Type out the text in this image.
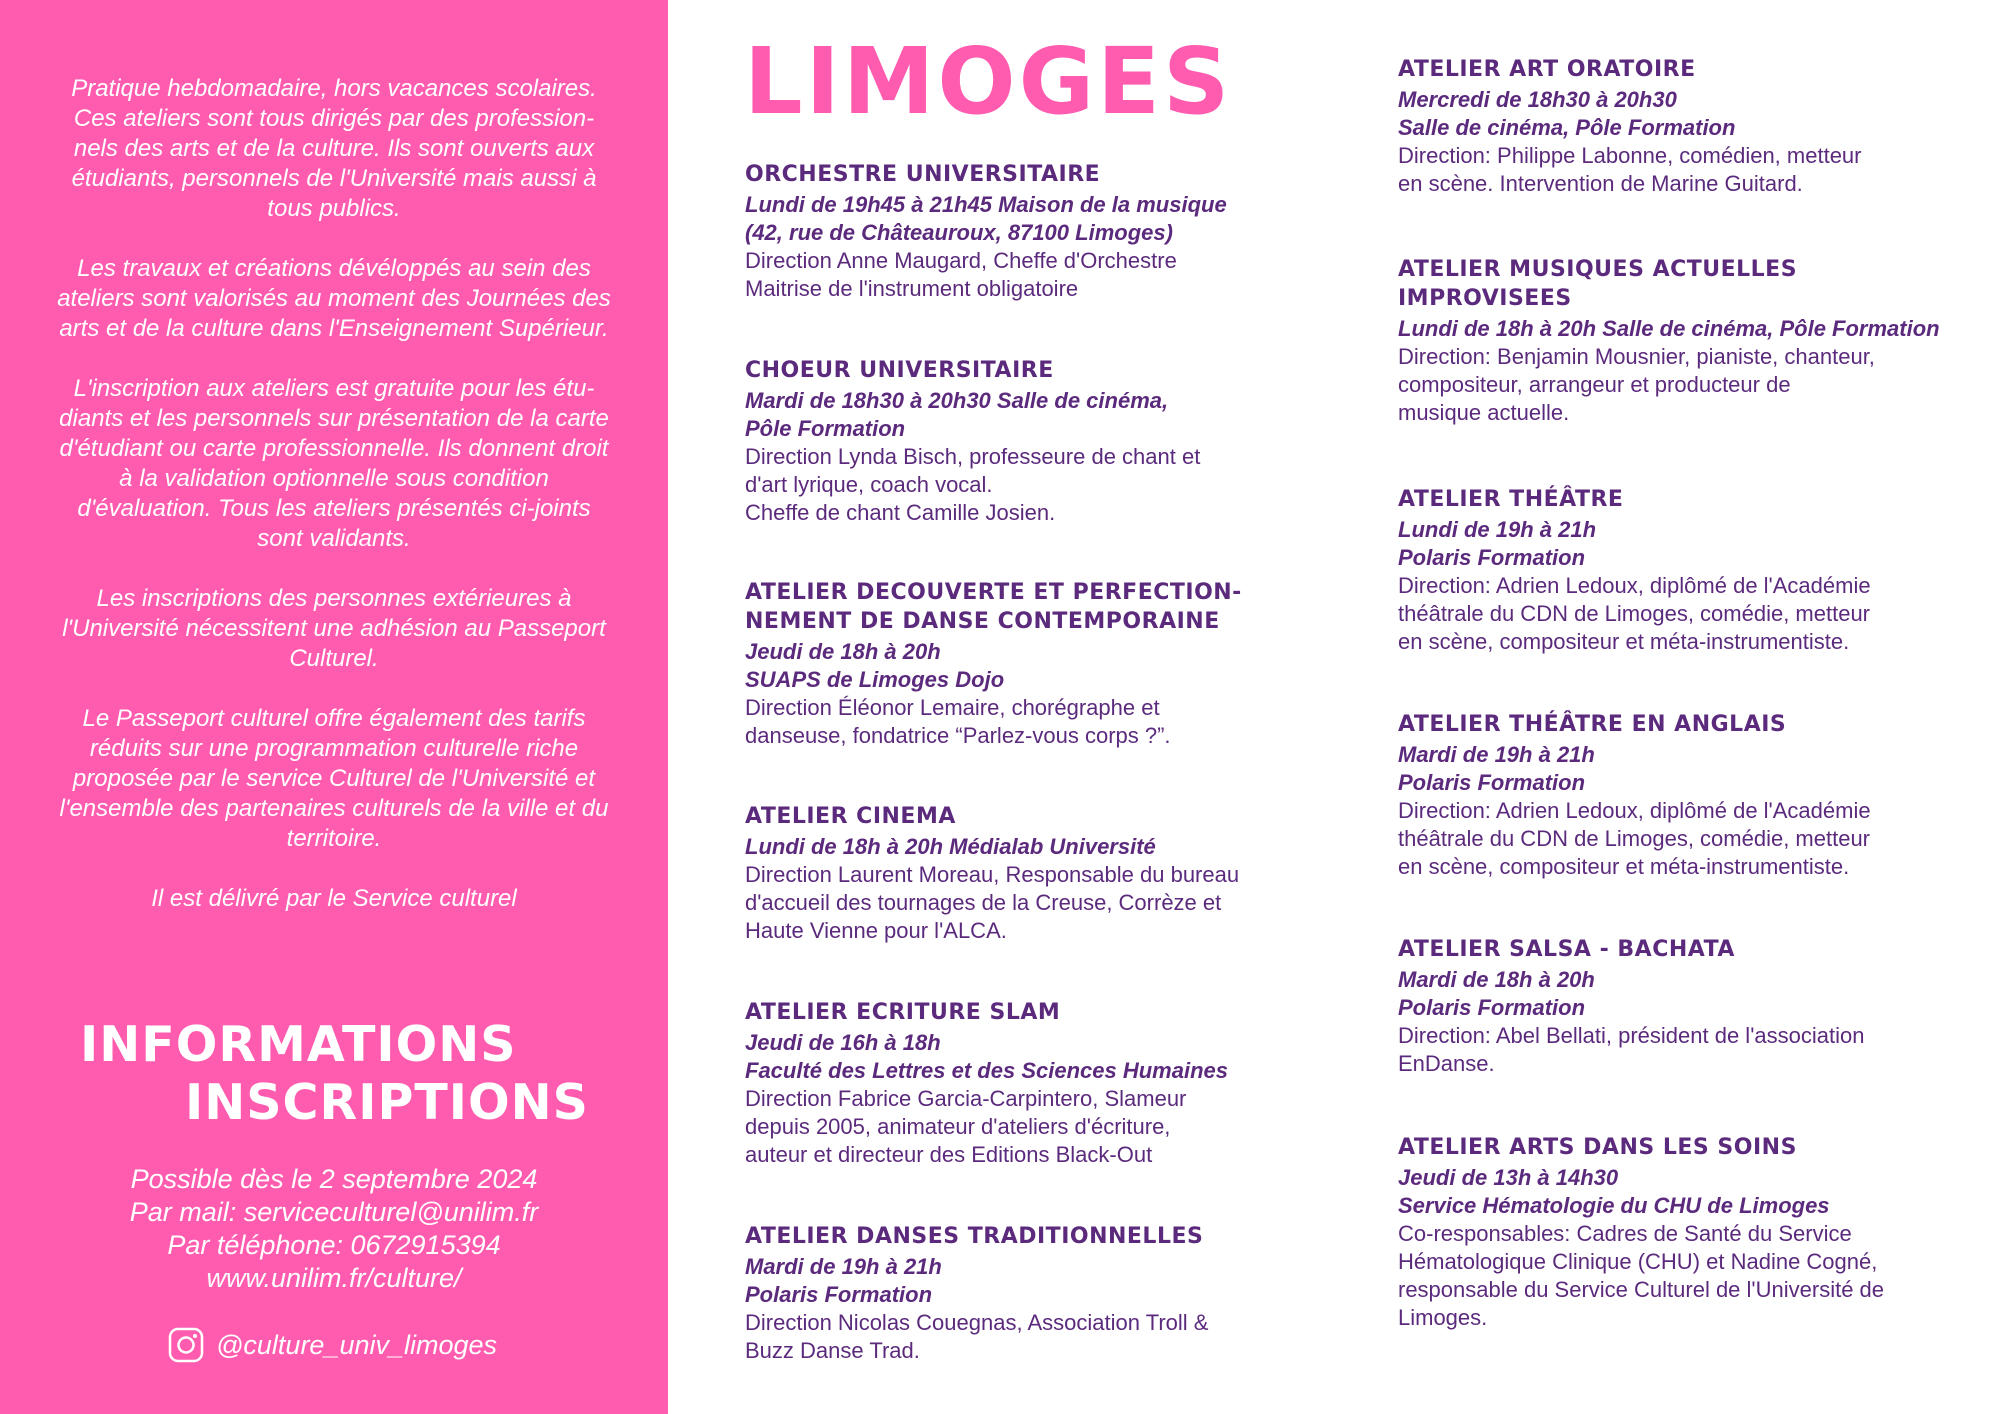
Pratique hebdomadaire, hors vacances scolaires.
Ces ateliers sont tous dirigés par des profession-
nels des arts et de la culture. Ils sont ouverts aux
étudiants, personnels de l'Université mais aussi à
tous publics.

Les travaux et créations dévéloppés au sein des
ateliers sont valorisés au moment des Journées des
arts et de la culture dans l'Enseignement Supérieur.

L'inscription aux ateliers est gratuite pour les étu-
diants et les personnels sur présentation de la carte
d'étudiant ou carte professionnelle. Ils donnent droit
à la validation optionnelle sous condition
d'évaluation. Tous les ateliers présentés ci-joints
sont validants.

Les inscriptions des personnes extérieures à
l'Université nécessitent une adhésion au Passeport
Culturel.

Le Passeport culturel offre également des tarifs
réduits sur une programmation culturelle riche
proposée par le service Culturel de l'Université et
l'ensemble des partenaires culturels de la ville et du
territoire.

Il est délivré par le Service culturel

INFORMATIONS
INSCRIPTIONS
Possible dès le 2 septembre 2024
Par mail: serviceculturel@unilim.fr
Par téléphone: 0672915394
www.unilim.fr/culture/
@culture_univ_limoges
LIMOGES
ORCHESTRE UNIVERSITAIRE
Lundi de 19h45 à 21h45 Maison de la musique
(42, rue de Châteauroux, 87100 Limoges)
Direction Anne Maugard, Cheffe d'Orchestre
Maitrise de l'instrument obligatoire
CHOEUR UNIVERSITAIRE
Mardi de 18h30 à 20h30 Salle de cinéma,
Pôle Formation
Direction Lynda Bisch, professeure de chant et
d'art lyrique, coach vocal.
Cheffe de chant Camille Josien.
ATELIER DECOUVERTE ET PERFECTION-
NEMENT DE DANSE CONTEMPORAINE
Jeudi de 18h à 20h
SUAPS de Limoges Dojo
Direction Éléonor Lemaire, chorégraphe et
danseuse, fondatrice “Parlez-vous corps ?”.
ATELIER CINEMA
Lundi de 18h à 20h Médialab Université
Direction Laurent Moreau, Responsable du bureau
d'accueil des tournages de la Creuse, Corrèze et
Haute Vienne pour l'ALCA.
ATELIER ECRITURE SLAM
Jeudi de 16h à 18h
Faculté des Lettres et des Sciences Humaines
Direction Fabrice Garcia-Carpintero, Slameur
depuis 2005, animateur d'ateliers d'écriture,
auteur et directeur des Editions Black-Out
ATELIER DANSES TRADITIONNELLES
Mardi de 19h à 21h
Polaris Formation
Direction Nicolas Couegnas, Association Troll &
Buzz Danse Trad.
ATELIER ART ORATOIRE
Mercredi de 18h30 à 20h30
Salle de cinéma, Pôle Formation
Direction: Philippe Labonne, comédien, metteur
en scène. Intervention de Marine Guitard.
ATELIER MUSIQUES ACTUELLES
IMPROVISEES
Lundi de 18h à 20h Salle de cinéma, Pôle Formation
Direction: Benjamin Mousnier, pianiste, chanteur,
compositeur, arrangeur et producteur de
musique actuelle.
ATELIER THÉÂTRE
Lundi de 19h à 21h
Polaris Formation
Direction: Adrien Ledoux, diplômé de l'Académie
théâtrale du CDN de Limoges, comédie, metteur
en scène, compositeur et méta-instrumentiste.
ATELIER THÉÂTRE EN ANGLAIS
Mardi de 19h à 21h
Polaris Formation
Direction: Adrien Ledoux, diplômé de l'Académie
théâtrale du CDN de Limoges, comédie, metteur
en scène, compositeur et méta-instrumentiste.
ATELIER SALSA - BACHATA
Mardi de 18h à 20h
Polaris Formation
Direction: Abel Bellati, président de l'association
EnDanse.
ATELIER ARTS DANS LES SOINS
Jeudi de 13h à 14h30
Service Hématologie du CHU de Limoges
Co-responsables: Cadres de Santé du Service
Hématologique Clinique (CHU) et Nadine Cogné,
responsable du Service Culturel de l'Université de
Limoges.
